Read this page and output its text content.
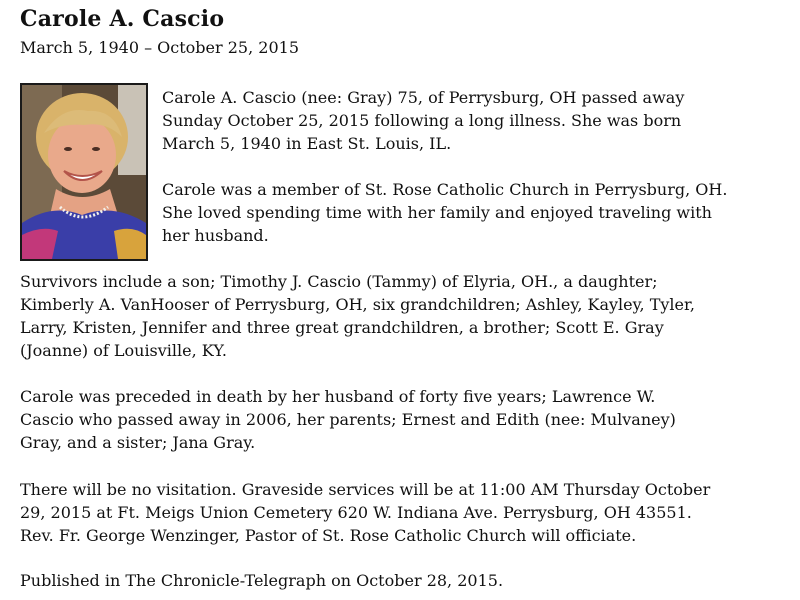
Carole A. Cascio
March 5, 1940 – October 25, 2015
Carole A. Cascio (nee: Gray) 75, of Perrysburg, OH passed away
Sunday October 25, 2015 following a long illness. She was born
March 5, 1940 in East St. Louis, IL.
Carole was a member of St. Rose Catholic Church in Perrysburg, OH.
She loved spending time with her family and enjoyed traveling with
her husband.
Survivors include a son; Timothy J. Cascio (Tammy) of Elyria, OH., a daughter;
Kimberly A. VanHooser of Perrysburg, OH, six grandchildren; Ashley, Kayley, Tyler,
Larry, Kristen, Jennifer and three great grandchildren, a brother; Scott E. Gray
(Joanne) of Louisville, KY.
Carole was preceded in death by her husband of forty five years; Lawrence W.
Cascio who passed away in 2006, her parents; Ernest and Edith (nee: Mulvaney)
Gray, and a sister; Jana Gray.
There will be no visitation. Graveside services will be at 11:00 AM Thursday October
29, 2015 at Ft. Meigs Union Cemetery 620 W. Indiana Ave. Perrysburg, OH 43551.
Rev. Fr. George Wenzinger, Pastor of St. Rose Catholic Church will officiate.
Published in The Chronicle-Telegraph on October 28, 2015.
